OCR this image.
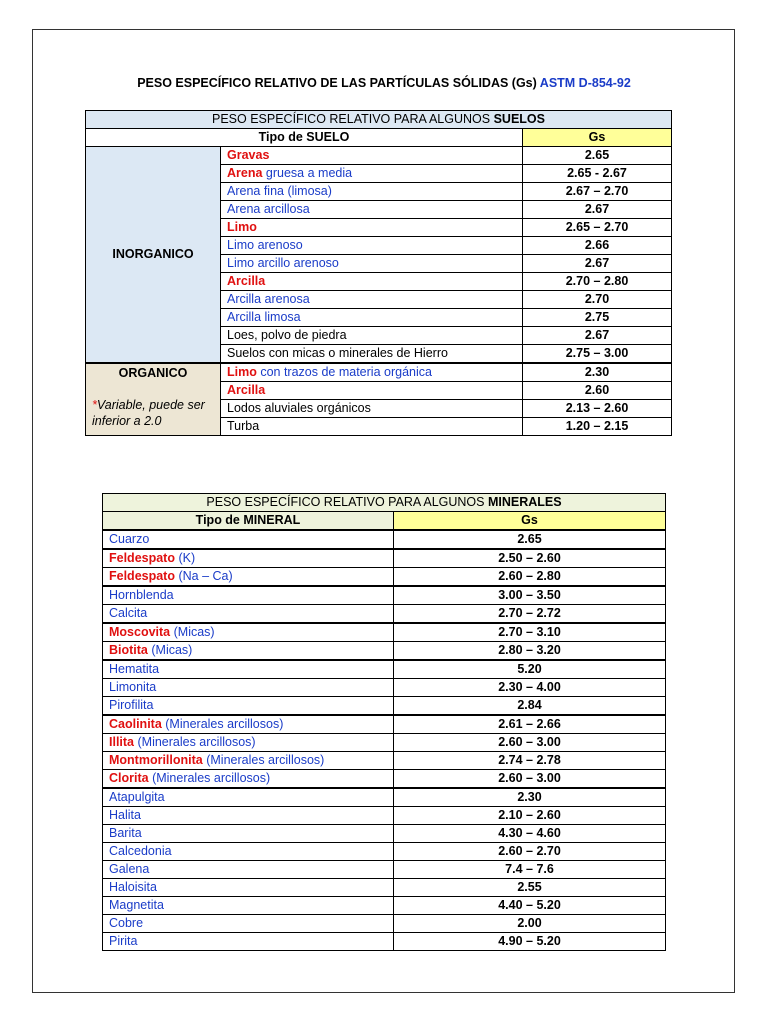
PESO ESPECÍFICO RELATIVO DE LAS PARTÍCULAS SÓLIDAS (Gs) ASTM D-854-92
PESO ESPECÍFICO RELATIVO PARA ALGUNOS SUELOS		
Tipo de SUELO		Gs
INORGANICO	Gravas	2.65
	Arena gruesa a media	2.65 - 2.67
	Arena fina (limosa)	2.67 – 2.70
	Arena arcillosa	2.67
	Limo	2.65 – 2.70
	Limo arenoso	2.66
	Limo arcillo arenoso	2.67
	Arcilla	2.70 – 2.80
	Arcilla arenosa	2.70
	Arcilla limosa	2.75
	Loes, polvo de piedra	2.67
	Suelos con micas o minerales de Hierro	2.75 – 3.00

ORGANICO
*Variable, puede ser inferior a 2.0	Limo con trazos de materia orgánica	2.30
	Arcilla	2.60
	Lodos aluviales orgánicos	2.13 – 2.60
	Turba	1.20 – 2.15
PESO ESPECÍFICO RELATIVO PARA ALGUNOS MINERALES	
Tipo de MINERAL	Gs
Cuarzo	2.65
Feldespato (K)	2.50 – 2.60
Feldespato (Na – Ca)	2.60 – 2.80
Hornblenda	3.00 – 3.50
Calcita	2.70 – 2.72
Moscovita (Micas)	2.70 – 3.10
Biotita (Micas)	2.80 – 3.20
Hematita	5.20
Limonita	2.30 – 4.00
Pirofilita	2.84
Caolinita (Minerales arcillosos)	2.61 – 2.66
Illita (Minerales arcillosos)	2.60 – 3.00
Montmorillonita (Minerales arcillosos)	2.74 – 2.78
Clorita (Minerales arcillosos)	2.60 – 3.00
Atapulgita	2.30
Halita	2.10 – 2.60
Barita	4.30 – 4.60
Calcedonia	2.60 – 2.70
Galena	7.4 – 7.6
Haloisita	2.55
Magnetita	4.40 – 5.20
Cobre	2.00
Pirita	4.90 – 5.20
